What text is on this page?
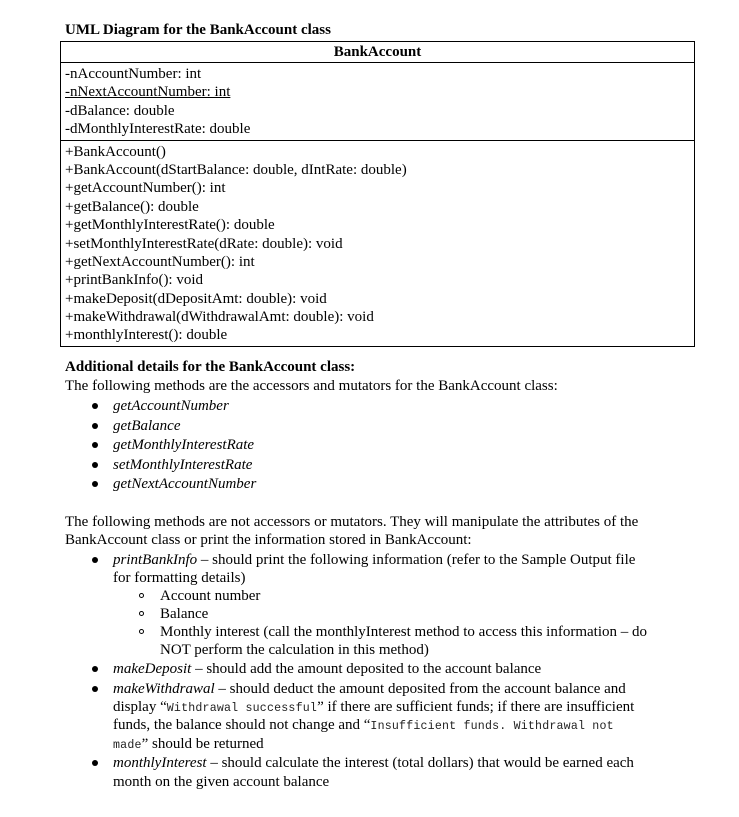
UML Diagram for the BankAccount class
BankAccount
-nAccountNumber: int
-nNextAccountNumber: int
-dBalance: double
-dMonthlyInterestRate: double
+BankAccount()
+BankAccount(dStartBalance: double, dIntRate: double)
+getAccountNumber(): int
+getBalance(): double
+getMonthlyInterestRate(): double
+setMonthlyInterestRate(dRate: double): void
+getNextAccountNumber(): int
+printBankInfo(): void
+makeDeposit(dDepositAmt: double): void
+makeWithdrawal(dWithdrawalAmt: double): void
+monthlyInterest(): double
Additional details for the BankAccount class:
The following methods are the accessors and mutators for the BankAccount class:
getAccountNumber
getBalance
getMonthlyInterestRate
setMonthlyInterestRate
getNextAccountNumber
The following methods are not accessors or mutators. They will manipulate the attributes of the
BankAccount class or print the information stored in BankAccount:
printBankInfo – should print the following information (refer to the Sample Output file
for formatting details)
Account number
Balance
Monthly interest (call the monthlyInterest method to access this information – do
NOT perform the calculation in this method)
makeDeposit – should add the amount deposited to the account balance
makeWithdrawal – should deduct the amount deposited from the account balance and
display “Withdrawal successful” if there are sufficient funds; if there are insufficient
funds, the balance should not change and “Insufficient funds. Withdrawal not
made” should be returned
monthlyInterest – should calculate the interest (total dollars) that would be earned each
month on the given account balance
